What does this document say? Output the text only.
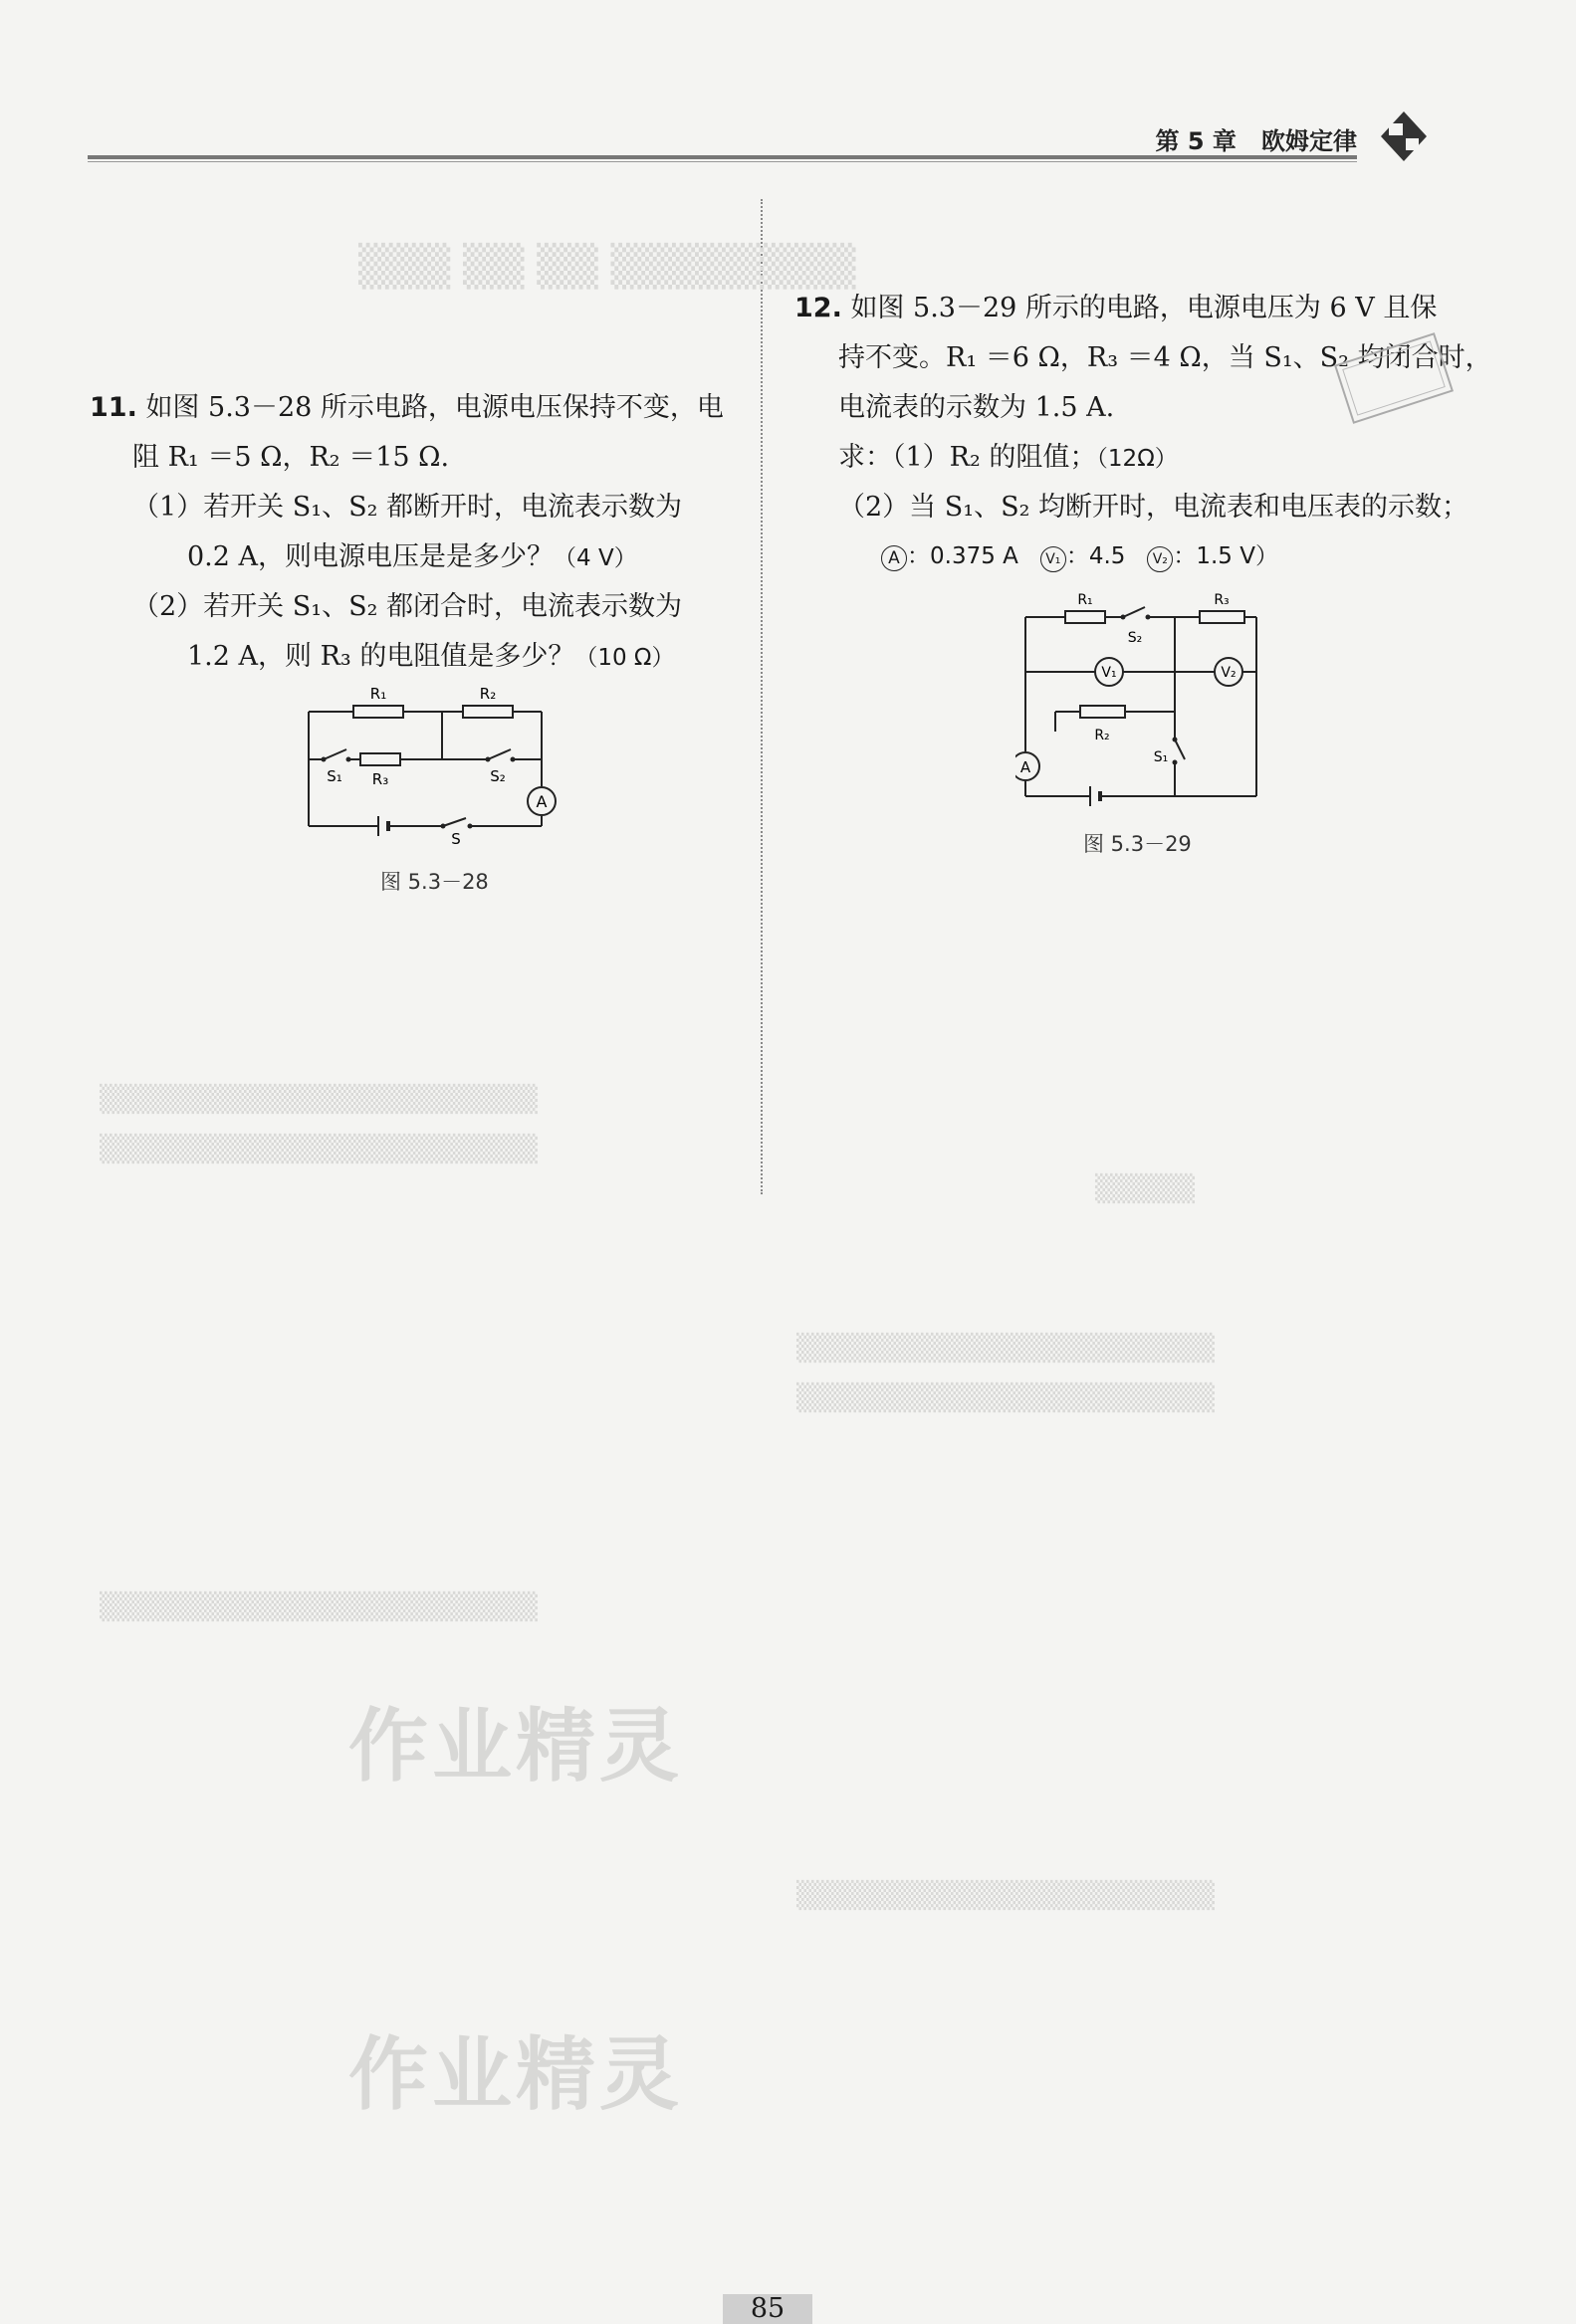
第 5 章 欧姆定律
▒▒▒ ▒▒ ▒▒ ▒▒▒▒▒▒▒▒
11. 如图 5.3－28 所示电路，电源电压保持不变，电
阻 R₁ ＝5 Ω，R₂ ＝15 Ω.
（1）若开关 S₁、S₂ 都断开时，电流表示数为
0.2 A，则电源电压是是多少？（4 V）
（2）若开关 S₁、S₂ 都闭合时，电流表示数为
1.2 A，则 R₃ 的电阻值是多少？（10 Ω）
A
R₁	R₂
R₃
S₁	S₂
S
图 5.3－28
12. 如图 5.3－29 所示的电路，电源电压为 6 V 且保
持不变。R₁ ＝6 Ω，R₃ ＝4 Ω，当 S₁、S₂ 均闭合时，
电流表的示数为 1.5 A.
求：（1）R₂ 的阻值；（12Ω）
（2）当 S₁、S₂ 均断开时，电流表和电压表的示数；
A ：0.375 A V₁ ：4.5 V₂ ：1.5 V）
V₁	V₂
A
R₁	R₃
S₂
R₂
S₁
图 5.3－29
▒▒▒▒▒▒▒▒▒▒▒▒▒▒▒▒▒▒▒▒▒▒
▒▒▒▒▒▒▒▒▒▒▒▒▒▒▒▒▒▒▒▒▒▒
▒▒▒▒▒
▒▒▒▒▒▒▒▒▒▒▒▒▒▒▒▒▒▒▒▒▒
▒▒▒▒▒▒▒▒▒▒▒▒▒▒▒▒▒▒▒▒▒
▒▒▒▒▒▒▒▒▒▒▒▒▒▒▒▒▒▒▒▒▒▒
▒▒▒▒▒▒▒▒▒▒▒▒▒▒▒▒▒▒▒▒▒
作业精灵
作业精灵
85
